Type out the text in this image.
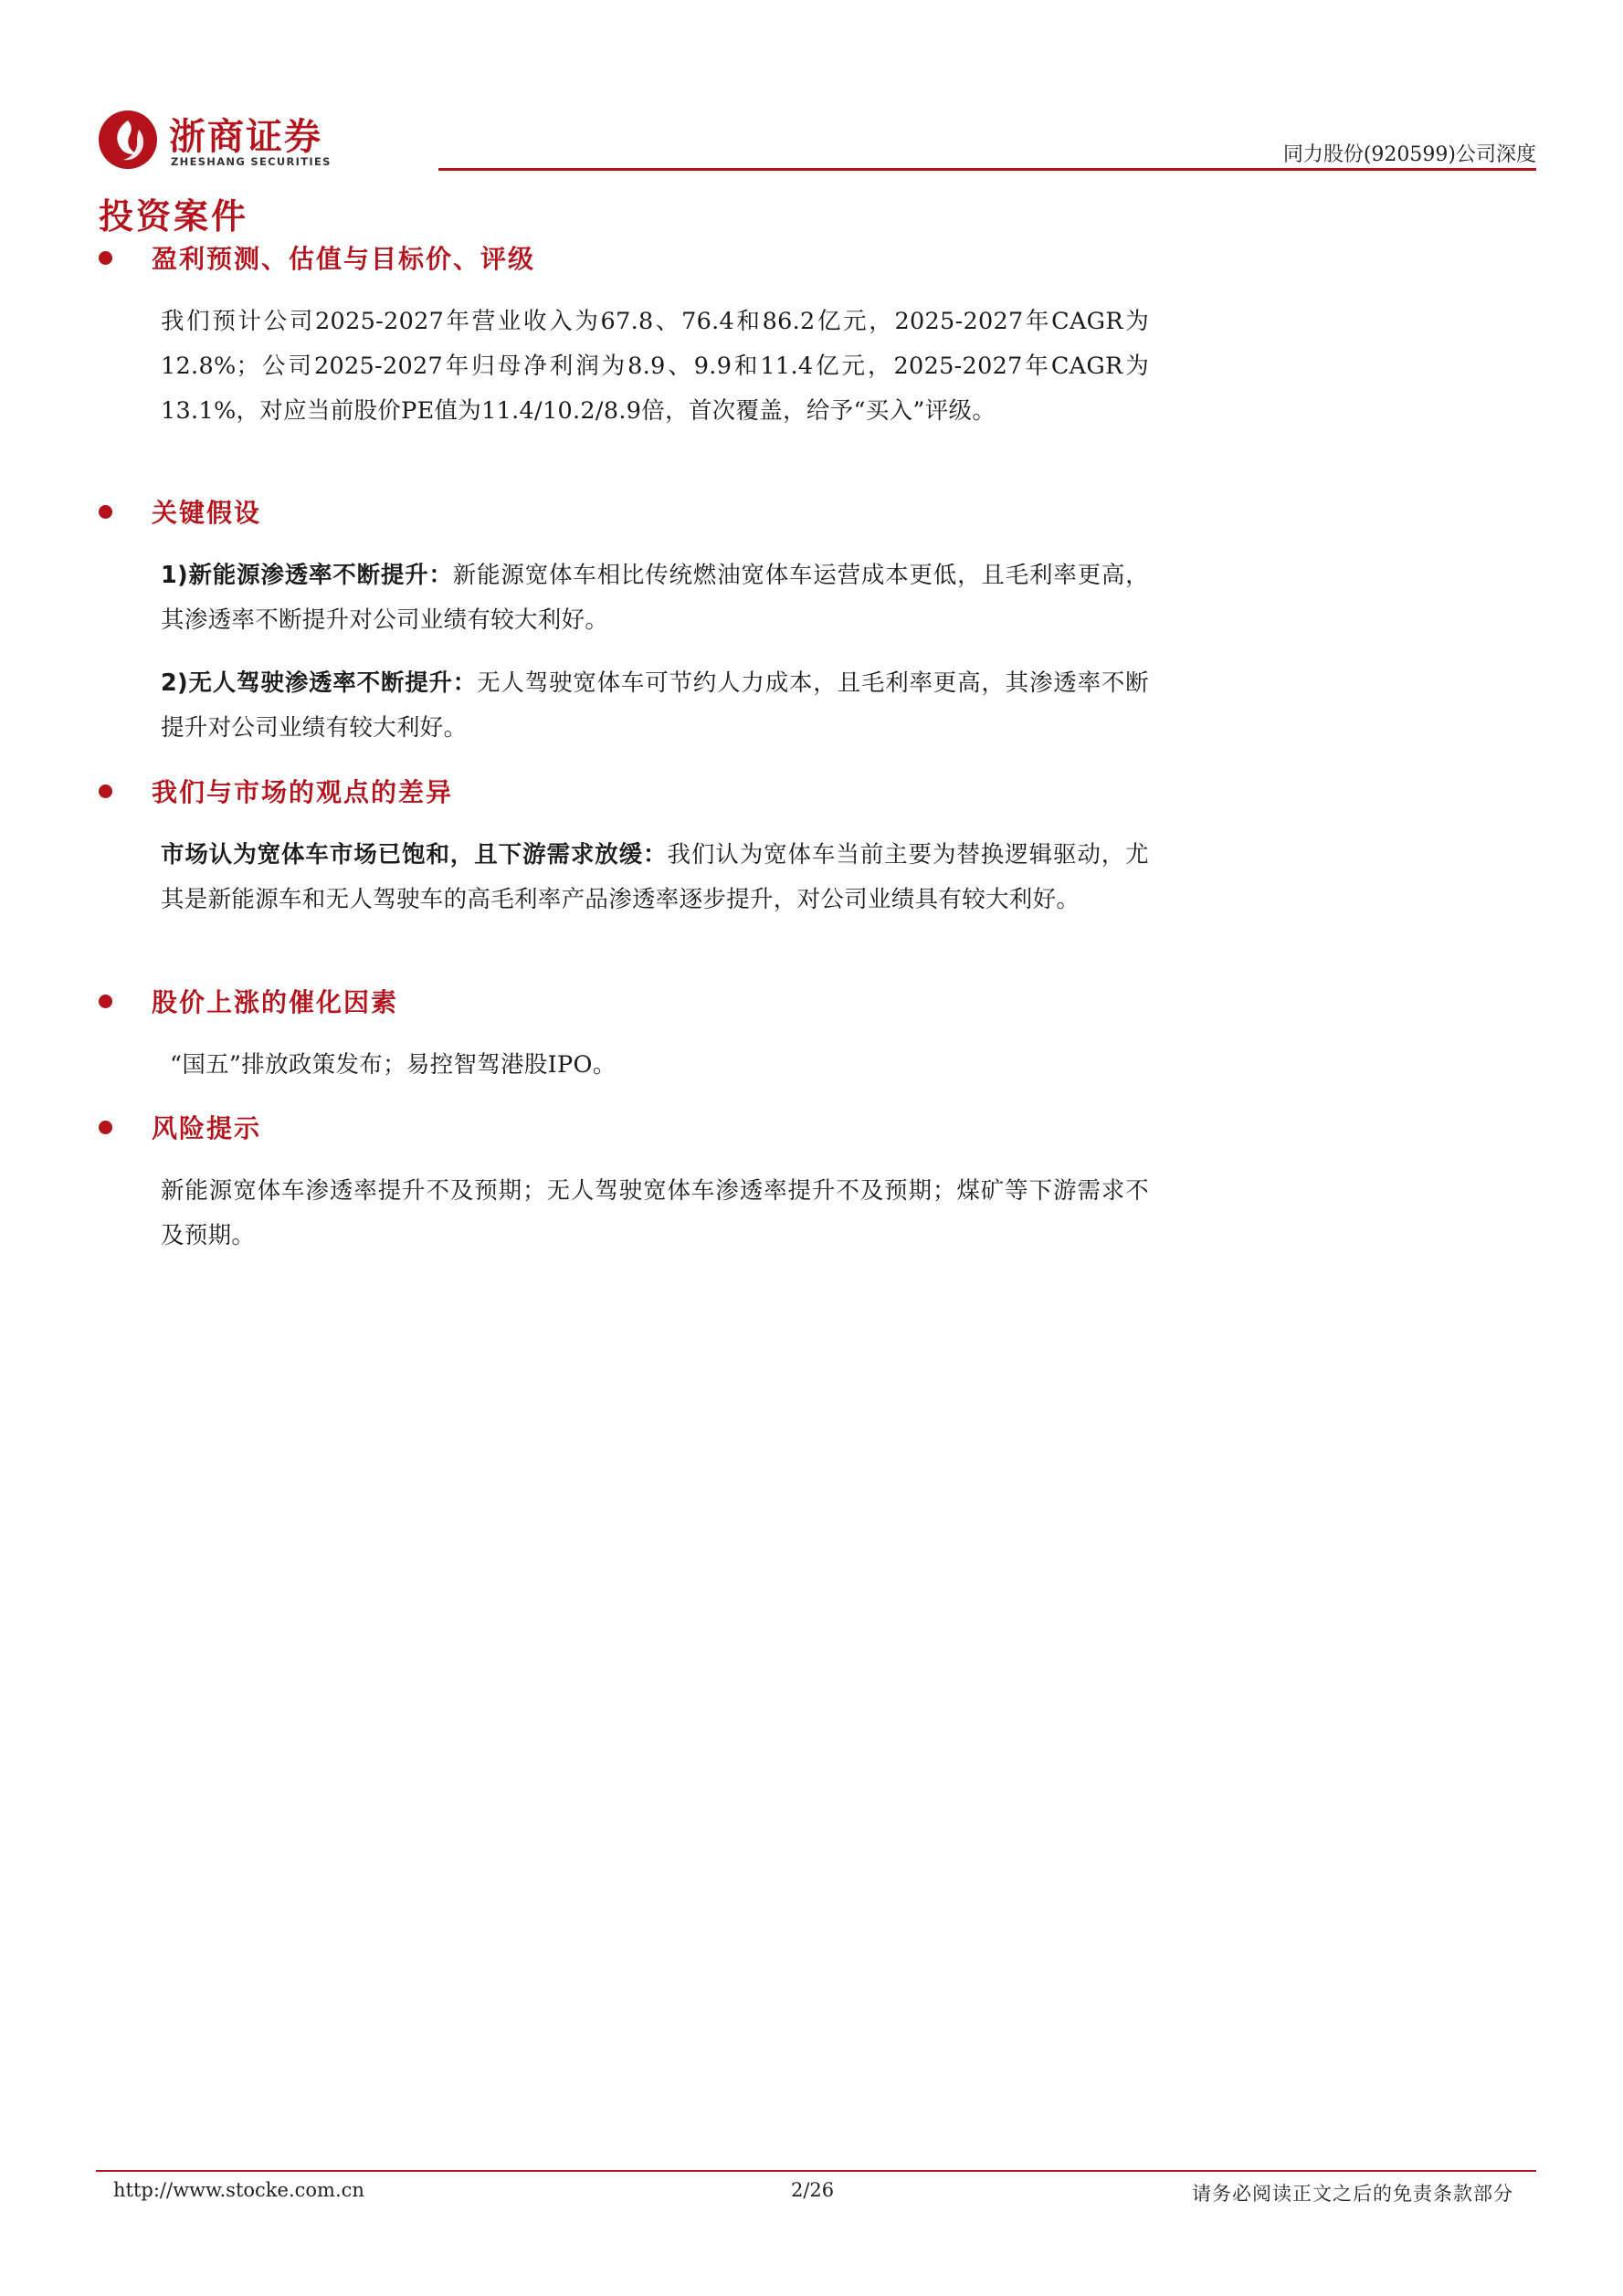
浙商证券
ZHESHANG SECURITIES	同力股份(920599)公司深度
投资案件
盈利预测、估值与目标价、评级
我们预计公司2025-2027年营业收入为67.8、76.4和86.2亿元，2025-2027年CAGR为12.8%；公司2025-2027年归母净利润为8.9、9.9和11.4亿元，2025-2027年CAGR为13.1%，对应当前股价PE值为11.4/10.2/8.9倍，首次覆盖，给予“买入”评级。
关键假设
1)新能源渗透率不断提升：新能源宽体车相比传统燃油宽体车运营成本更低，且毛利率更高，其渗透率不断提升对公司业绩有较大利好。
2)无人驾驶渗透率不断提升：无人驾驶宽体车可节约人力成本，且毛利率更高，其渗透率不断提升对公司业绩有较大利好。
我们与市场的观点的差异
市场认为宽体车市场已饱和，且下游需求放缓：我们认为宽体车当前主要为替换逻辑驱动，尤其是新能源车和无人驾驶车的高毛利率产品渗透率逐步提升，对公司业绩具有较大利好。
股价上涨的催化因素
“国五”排放政策发布；易控智驾港股IPO。
风险提示
新能源宽体车渗透率提升不及预期；无人驾驶宽体车渗透率提升不及预期；煤矿等下游需求不及预期。
http://www.stocke.com.cn	2/26	请务必阅读正文之后的免责条款部分
